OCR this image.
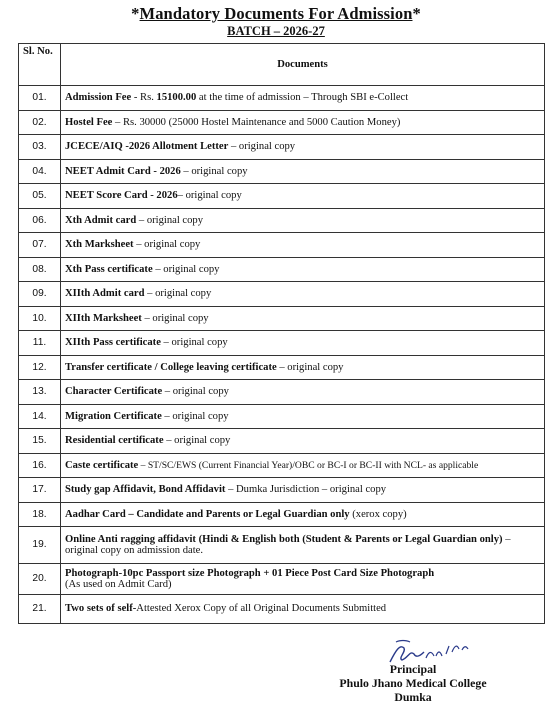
*Mandatory Documents For Admission*
BATCH – 2026-27
Sl. No.	Documents
01.	Admission Fee - Rs. 15100.00 at the time of admission – Through SBI e-Collect
02.	Hostel Fee – Rs. 30000 (25000 Hostel Maintenance and 5000 Caution Money)
03.	JCECE/AIQ -2026 Allotment Letter – original copy
04.	NEET Admit Card - 2026 – original copy
05.	NEET Score Card - 2026– original copy
06.	Xth Admit card – original copy
07.	Xth Marksheet – original copy
08.	Xth Pass certificate – original copy
09.	XIIth Admit card – original copy
10.	XIIth Marksheet – original copy
11.	XIIth Pass certificate – original copy
12.	Transfer certificate / College leaving certificate – original copy
13.	Character Certificate – original copy
14.	Migration Certificate – original copy
15.	Residential certificate – original copy
16.	Caste certificate – ST/SC/EWS (Current Financial Year)/OBC or BC-I or BC-II with NCL- as applicable
17.	Study gap Affidavit, Bond Affidavit – Dumka Jurisdiction – original copy
18.	Aadhar Card – Candidate and Parents or Legal Guardian only (xerox copy)
19.	Online Anti ragging affidavit (Hindi & English both (Student & Parents or Legal Guardian only) – original copy on admission date.
20.	Photograph-10pc Passport size Photograph + 01 Piece Post Card Size Photograph
(As used on Admit Card)
21.	Two sets of self-Attested Xerox Copy of all Original Documents Submitted
Principal
Phulo Jhano Medical College
Dumka
